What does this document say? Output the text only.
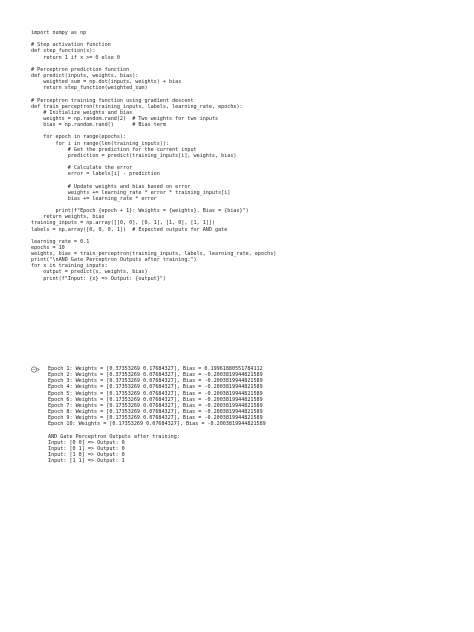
import numpy as np
# Step activation function
def step_function(x):
return 1 if x >= 0 else 0
# Perceptron prediction function
def predict(inputs, weights, bias):
weighted_sum = np.dot(inputs, weights) + bias
return step_function(weighted_sum)
# Perceptron training function using gradient descent
def train_perceptron(training_inputs, labels, learning_rate, epochs):
# Initialize weights and bias
weights = np.random.rand(2)  # Two weights for two inputs
bias = np.random.rand()      # Bias term
for epoch in range(epochs):
for i in range(len(training_inputs)):
# Get the prediction for the current input
prediction = predict(training_inputs[i], weights, bias)
# Calculate the error
error = labels[i] - prediction
# Update weights and bias based on error
weights += learning_rate * error * training_inputs[i]
bias += learning_rate * error
print(f"Epoch {epoch + 1}: Weights = {weights}, Bias = {bias}")
return weights, bias
training_inputs = np.array([[0, 0], [0, 1], [1, 0], [1, 1]])
labels = np.array([0, 0, 0, 1])  # Expected outputs for AND gate
learning_rate = 0.1
epochs = 10
weights, bias = train_perceptron(training_inputs, labels, learning_rate, epochs)
print("\nAND Gate Perceptron Outputs after training:")
for x in training_inputs:
output = predict(x, weights, bias)
print(f"Input: {x} => Output: {output}")
Epoch 1: Weights = [0.37353269 0.17684327], Bias = 0.19961880551784112
Epoch 2: Weights = [0.37353269 0.07684327], Bias = -0.2003819944821589
Epoch 3: Weights = [0.37353269 0.07684327], Bias = -0.2003819944821589
Epoch 4: Weights = [0.17353269 0.07684327], Bias = -0.2003819944821589
Epoch 5: Weights = [0.17353269 0.07684327], Bias = -0.2003819944821589
Epoch 6: Weights = [0.17353269 0.07684327], Bias = -0.2003819944821589
Epoch 7: Weights = [0.17353269 0.07684327], Bias = -0.2003819944821589
Epoch 8: Weights = [0.17353269 0.07684327], Bias = -0.2003819944821589
Epoch 9: Weights = [0.17353269 0.07684327], Bias = -0.2003819944821589
Epoch 10: Weights = [0.17353269 0.07684327], Bias = -0.2003819944821589
AND Gate Perceptron Outputs after training:
Input: [0 0] => Output: 0
Input: [0 1] => Output: 0
Input: [1 0] => Output: 0
Input: [1 1] => Output: 1
